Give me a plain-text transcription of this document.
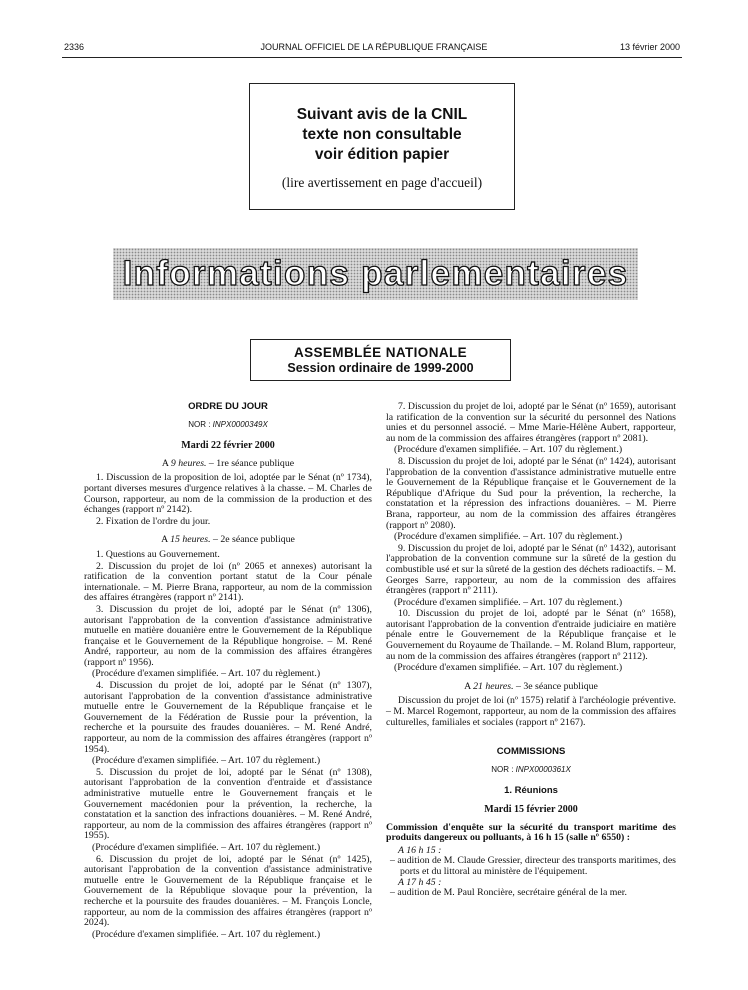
2336	JOURNAL OFFICIEL DE LA RÉPUBLIQUE FRANÇAISE	13 février 2000
Suivant avis de la CNIL
texte non consultable
voir édition papier
(lire avertissement en page d'accueil)
Informations parlementaires
ASSEMBLÉE NATIONALE
Session ordinaire de 1999-2000
ORDRE DU JOUR
NOR : INPX0000349X
Mardi 22 février 2000
A 9 heures. – 1re séance publique
1. Discussion de la proposition de loi, adoptée par le Sénat (nº 1734), portant diverses mesures d'urgence relatives à la chasse. – M. Charles de Courson, rapporteur, au nom de la commission de la production et des échanges (rapport nº 2142).
2. Fixation de l'ordre du jour.
A 15 heures. – 2e séance publique
1. Questions au Gouvernement.
2. Discussion du projet de loi (nº 2065 et annexes) autorisant la ratification de la convention portant statut de la Cour pénale internationale. – M. Pierre Brana, rapporteur, au nom de la commission des affaires étrangères (rapport nº 2141).
3. Discussion du projet de loi, adopté par le Sénat (nº 1306), autorisant l'approbation de la convention d'assistance administrative mutuelle en matière douanière entre le Gouvernement de la République française et le Gouvernement de la République hongroise. – M. René André, rapporteur, au nom de la commission des affaires étrangères (rapport nº 1956).
(Procédure d'examen simplifiée. – Art. 107 du règlement.)
4. Discussion du projet de loi, adopté par le Sénat (nº 1307), autorisant l'approbation de la convention d'assistance administrative mutuelle entre le Gouvernement de la République française et le Gouvernement de la Fédération de Russie pour la prévention, la recherche et la poursuite des fraudes douanières. – M. René André, rapporteur, au nom de la commission des affaires étrangères (rapport nº 1954).
(Procédure d'examen simplifiée. – Art. 107 du règlement.)
5. Discussion du projet de loi, adopté par le Sénat (nº 1308), autorisant l'approbation de la convention d'entraide et d'assistance administrative mutuelle entre le Gouvernement français et le Gouvernement macédonien pour la prévention, la recherche, la constatation et la sanction des infractions douanières. – M. René André, rapporteur, au nom de la commission des affaires étrangères (rapport nº 1955).
(Procédure d'examen simplifiée. – Art. 107 du règlement.)
6. Discussion du projet de loi, adopté par le Sénat (nº 1425), autorisant l'approbation de la convention d'assistance administrative mutuelle entre le Gouvernement de la République française et le Gouvernement de la République slovaque pour la prévention, la recherche et la poursuite des fraudes douanières. – M. François Loncle, rapporteur, au nom de la commission des affaires étrangères (rapport nº 2024).
(Procédure d'examen simplifiée. – Art. 107 du règlement.)
7. Discussion du projet de loi, adopté par le Sénat (nº 1659), autorisant la ratification de la convention sur la sécurité du personnel des Nations unies et du personnel associé. – Mme Marie-Hélène Aubert, rapporteur, au nom de la commission des affaires étrangères (rapport nº 2081).
(Procédure d'examen simplifiée. – Art. 107 du règlement.)
8. Discussion du projet de loi, adopté par le Sénat (nº 1424), autorisant l'approbation de la convention d'assistance administrative mutuelle entre le Gouvernement de la République française et le Gouvernement de la République d'Afrique du Sud pour la prévention, la recherche, la constatation et la répression des infractions douanières. – M. Pierre Brana, rapporteur, au nom de la commission des affaires étrangères (rapport nº 2080).
(Procédure d'examen simplifiée. – Art. 107 du règlement.)
9. Discussion du projet de loi, adopté par le Sénat (nº 1432), autorisant l'approbation de la convention commune sur la sûreté de la gestion du combustible usé et sur la sûreté de la gestion des déchets radioactifs. – M. Georges Sarre, rapporteur, au nom de la commission des affaires étrangères (rapport nº 2111).
(Procédure d'examen simplifiée. – Art. 107 du règlement.)
10. Discussion du projet de loi, adopté par le Sénat (nº 1658), autorisant l'approbation de la convention d'entraide judiciaire en matière pénale entre le Gouvernement de la République française et le Gouvernement du Royaume de Thaïlande. – M. Roland Blum, rapporteur, au nom de la commission des affaires étrangères (rapport nº 2112).
(Procédure d'examen simplifiée. – Art. 107 du règlement.)
A 21 heures. – 3e séance publique
Discussion du projet de loi (nº 1575) relatif à l'archéologie préventive. – M. Marcel Rogemont, rapporteur, au nom de la commission des affaires culturelles, familiales et sociales (rapport nº 2167).
COMMISSIONS
NOR : INPX0000361X
1. Réunions
Mardi 15 février 2000
Commission d'enquête sur la sécurité du transport maritime des produits dangereux ou polluants, à 16 h 15 (salle nº 6550) :
A 16 h 15 :
– audition de M. Claude Gressier, directeur des transports maritimes, des ports et du littoral au ministère de l'équipement.
A 17 h 45 :
– audition de M. Paul Roncière, secrétaire général de la mer.
